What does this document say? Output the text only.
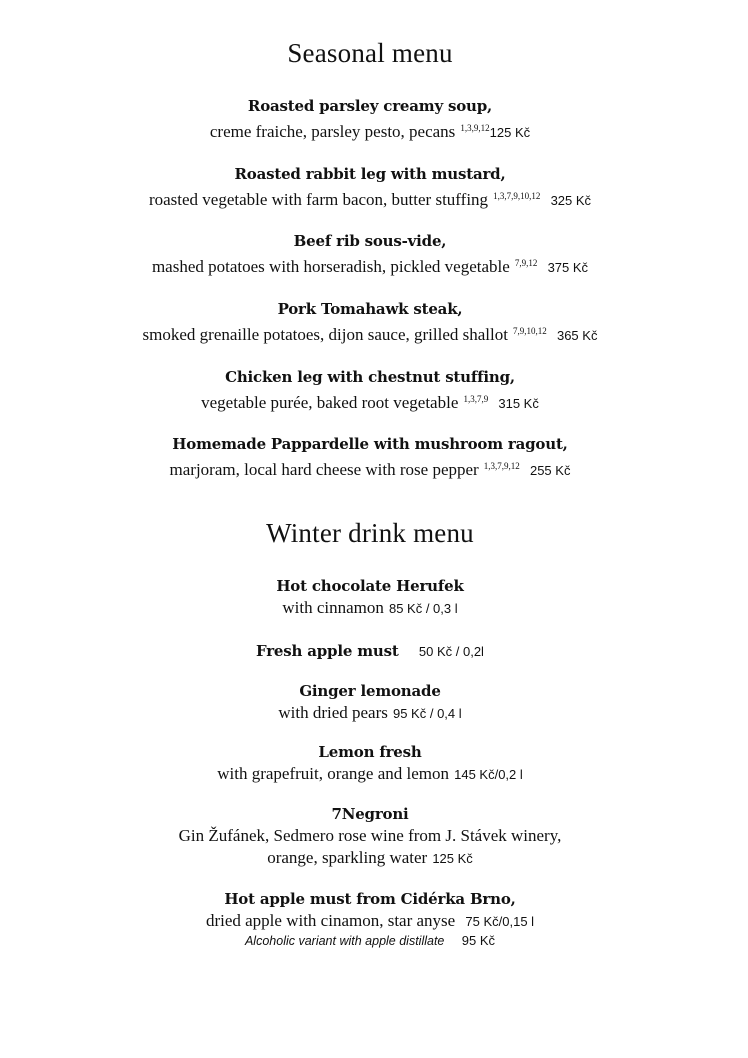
Seasonal menu
Roasted parsley creamy soup,
creme fraiche, parsley pesto, pecans $^{1,3,9,12}$125 Kč
Roasted rabbit leg with mustard,
roasted vegetable with farm bacon, butter stuffing $^{1,3,7,9,10,12}$ 325 Kč
Beef rib sous-vide,
mashed potatoes with horseradish, pickled vegetable $^{7,9,12}$ 375 Kč
Pork Tomahawk steak,
smoked grenaille potatoes, dijon sauce, grilled shallot $^{7,9,10,12}$ 365 Kč
Chicken leg with chestnut stuffing,
vegetable purée, baked root vegetable $^{1,3,7,9}$ 315 Kč
Homemade Pappardelle with mushroom ragout,
marjoram, local hard cheese with rose pepper $^{1,3,7,9,12}$ 255 Kč
Winter drink menu
Hot chocolate Herufek
with cinnamon 85 Kč / 0,3 l
Fresh apple must 50 Kč / 0,2l
Ginger lemonade
with dried pears 95 Kč / 0,4 l
Lemon fresh
with grapefruit, orange and lemon 145 Kč/0,2 l
7Negroni
Gin Žufánek, Sedmero rose wine from J. Stávek winery,
orange, sparkling water 125 Kč
Hot apple must from Cidérka Brno,
dried apple with cinamon, star anyse 75 Kč/0,15 l
Alcoholic variant with apple distillate 95 Kč
